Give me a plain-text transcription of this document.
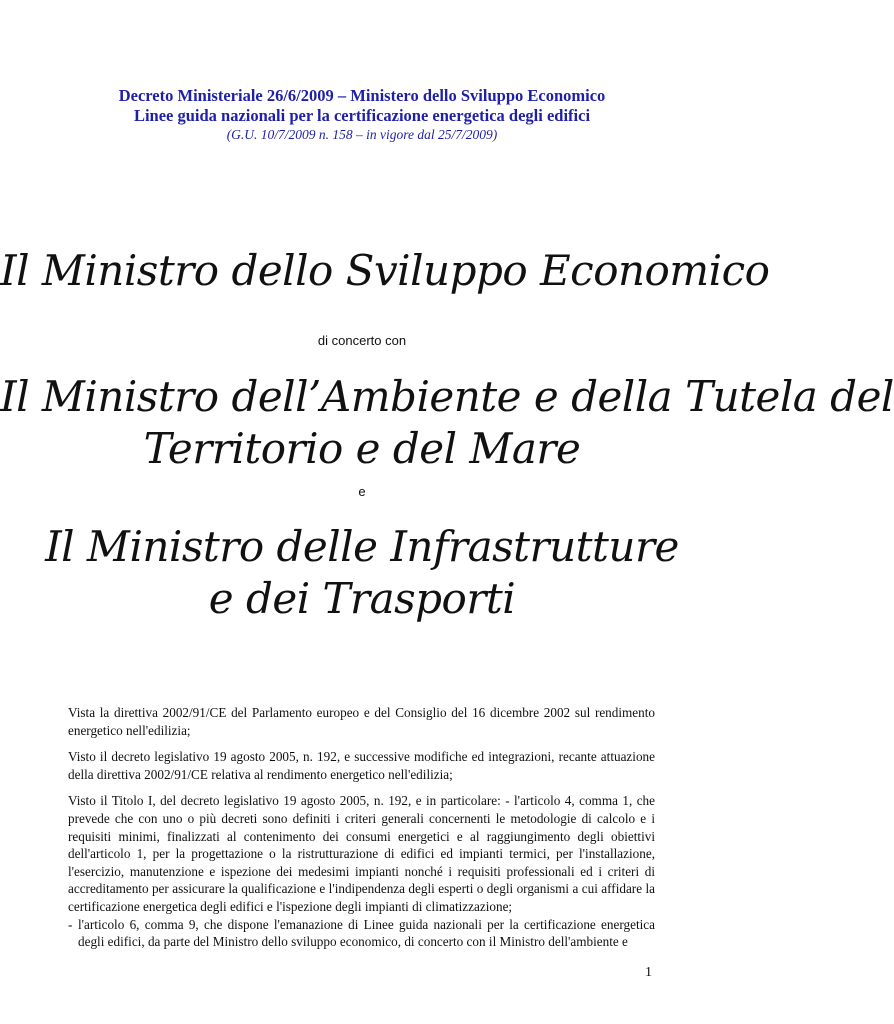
Decreto Ministeriale 26/6/2009 – Ministero dello Sviluppo Economico
Linee guida nazionali per la certificazione energetica degli edifici
(G.U. 10/7/2009 n. 158 – in vigore dal 25/7/2009)
Il Ministro dello Sviluppo Economico
di concerto con
Il Ministro dell’Ambiente e della Tutela del
Territorio e del Mare
e
Il Ministro delle Infrastrutture
e dei Trasporti

Vista la direttiva 2002/91/CE del Parlamento europeo e del Consiglio del 16 dicembre 2002 sul rendimento energetico nell'edilizia;

Visto il decreto legislativo 19 agosto 2005, n. 192, e successive modifiche ed integrazioni, recante attuazione della direttiva 2002/91/CE relativa al rendimento energetico nell'edilizia;

Visto il Titolo I, del decreto legislativo 19 agosto 2005, n. 192, e in particolare: - l'articolo 4, comma 1, che prevede che con uno o più decreti sono definiti i criteri generali concernenti le metodologie di calcolo e i requisiti minimi, finalizzati al contenimento dei consumi energetici e al raggiungimento degli obiettivi dell'articolo 1, per la progettazione o la ristrutturazione di edifici ed impianti termici, per l'installazione, l'esercizio, manutenzione e ispezione dei medesimi impianti nonché i requisiti professionali ed i criteri di accreditamento per assicurare la qualificazione e l'indipendenza degli esperti o degli organismi a cui affidare la certificazione energetica degli edifici e l'ispezione degli impianti di climatizzazione;

- l'articolo 6, comma 9, che dispone l'emanazione di Linee guida nazionali per la certificazione energetica degli edifici, da parte del Ministro dello sviluppo economico, di concerto con il Ministro dell'ambiente e
1
